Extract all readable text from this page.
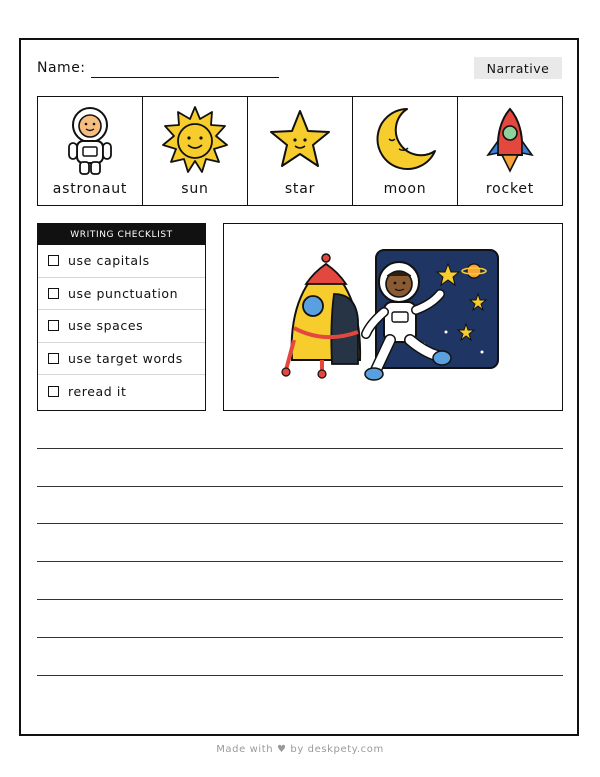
Name:	Narrative
astronaut	sun	star	moon	rocket
WRITING CHECKLIST
use capitals
use punctuation
use spaces
use target words
reread it
Made with ♥ by deskpety.com
